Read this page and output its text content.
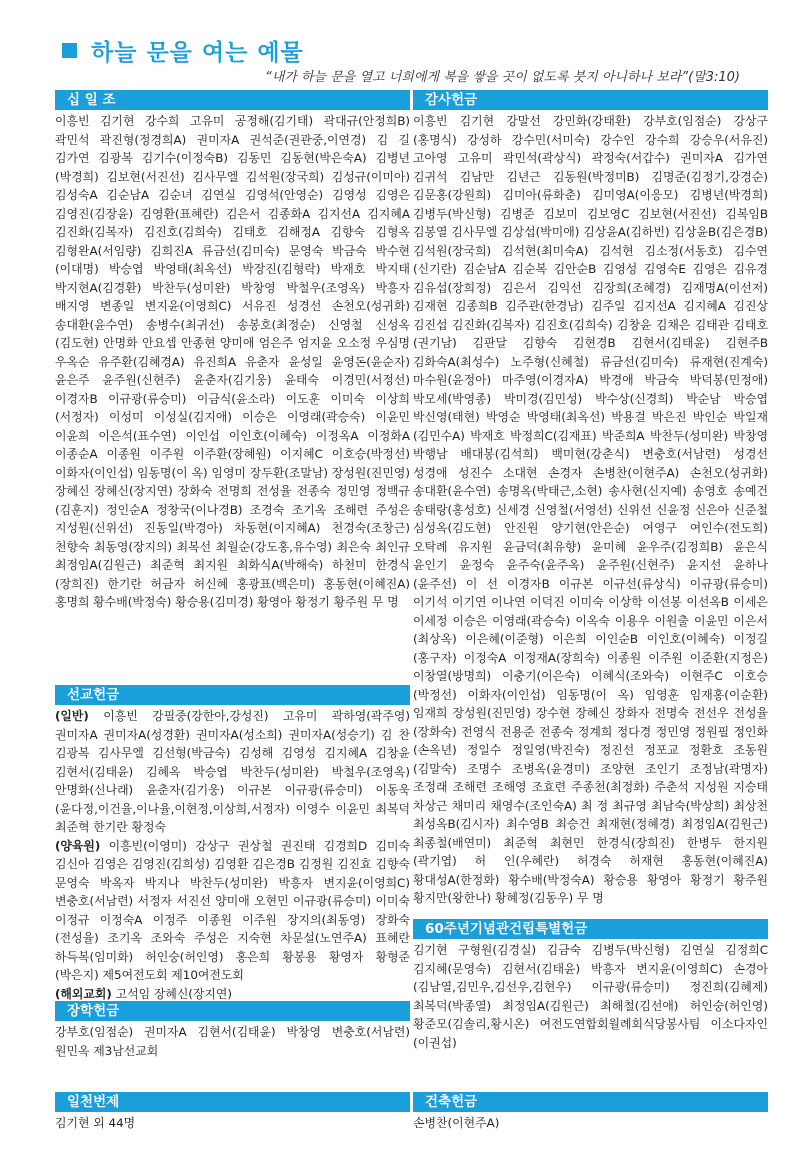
하늘 문을 여는 예물
“내가 하늘 문을 열고 너희에게 복을 쌓을 곳이 없도록 붓지 아니하나 보라”(말3:10)
십 일 조
이흥빈 김기현 강수희 고유미 공정해(김기태) 곽대규(안정희B) 곽민석 곽진형(정경희A) 권미자A 권석준(권관중,이연경) 김 길 김가연 김광복 김기수(이정숙B) 김동민 김동현(박은숙A) 김병년(박경희) 김보현(서진선) 김사무엘 김석원(장국희) 김성규(이미아) 김성숙A 김순남A 김순녀 김연실 김영석(안영순) 김영성 김영은 김영진(김장윤) 김영환(표혜란) 김은서 김종화A 김지선A 김지혜A 김진화(김복자) 김진호(김희숙) 김태호 김해정A 김향숙 김형옥 김형완A(서임량) 김희진A 류금선(김미숙) 문영숙 박금숙 박수현(이대명) 박승엽 박영태(최옥선) 박장진(김형락) 박재호 박지태 박지현A(김경환) 박찬두(성미완) 박창영 박철우(조영옥) 박흥자 배지영 변종일 변지윤(이영희C) 서유진 성경선 손천오(성귀화) 송대환(윤수연) 송병수(최귀선) 송봉호(최정순) 신영철 신성옥(김도현) 안명화 안요셉 안종현 양미애 엄은주 엄지윤 오소정 우심명 우옥순 유주환(김혜경A) 유진희A 유춘자 윤성일 윤영돈(윤순자) 윤은주 윤주원(신현주) 윤춘자(김기웅) 윤태숙 이경민(서정선) 이경자B 이규광(류승미) 이금식(윤소라) 이도훈 이미숙 이상희(서정자) 이성미 이성실(김지애) 이승은 이영래(곽승숙) 이윤민 이윤희 이은석(표수연) 이인섭 이인호(이혜숙) 이정옥A 이정화A 이종순A 이종원 이주원 이주환(장혜원) 이지혜C 이호승(박정선) 이화자(이인섭) 임동명(이 옥) 임영미 장두환(조말남) 장성원(진민영) 장혜신 장혜신(장지연) 장화숙 전명희 전성율 전종숙 정민영 정백규(김훈지) 정인순A 정창국(이나경B) 조경숙 조기옥 조해련 주성은 지성원(신위선) 진동일(박경아) 차동현(이지혜A) 천경숙(조창근) 천향숙 최동영(장지의) 최복선 최월순(강도홍,유수영) 최은숙 최인규 최정임A(김원근) 최준혁 최지원 최화식A(박해숙) 하천미 한경식(장희진) 한기란 허금자 허신혜 홍광표(백은미) 홍동현(이혜진A) 홍명희 황수배(박정숙) 황승용(김미경) 황영아 황정기 황주원 무 명
선교헌금

(일반) 이흥빈 강필중(강한아,강성진) 고유미 곽하영(곽주영) 권미자A 권미자A(성경환) 권미자A(성소희) 권미자A(성승기) 김 찬 김광복 김사무엘 김선형(박금숙) 김성해 김영성 김지혜A 김창윤 김현서(김태윤) 김혜옥 박승엽 박찬두(성미완) 박철우(조영옥) 안명화(신나래) 윤춘자(김기웅) 이규본 이규광(류승미) 이동욱(윤다정,이건율,이나율,이현정,이상희,서정자) 이영수 이윤민 최복덕 최준혁 한기란 황정숙

(양육원) 이흥빈(이영미) 강상구 권상철 권진태 김경희D 김미숙 김신아 김영은 김영진(김희성) 김영환 김은경B 김정원 김진효 김향숙 문영숙 박옥자 박지나 박찬두(성미완) 박흥자 변지윤(이영희C) 변충호(서남련) 서정자 서진선 양미애 오현민 이규광(류승미) 이미숙 이정규 이정숙A 이정주 이종원 이주원 장지의(최동영) 장화숙(전성율) 조기옥 조와숙 주성은 지숙현 차문설(노연주A) 표혜란 하득복(임미화) 허인숭(허인영) 홍은희 황봉용 황영자 황형준(박은지) 제5여전도회 제10여전도회

(해외교회) 고석임 장혜신(장지연)

장학헌금
강부호(임점순) 권미자A 김현서(김태윤) 박창영 변충호(서남련) 원민옥 제3남선교회
일천번제
김기현 외 44명
감사헌금
이흥빈 김기현 강말선 강민화(강태환) 강부호(임점순) 강상구(홍명식) 강성하 강수민(서미숙) 강수인 강수희 강승우(서유진) 고아영 고유미 곽민석(곽상식) 곽정숙(서갑수) 권미자A 김가연 김귀석 김남만 김년근 김동원(박정미B) 김명준(김정기,강경순) 김문홍(강원희) 김미아(류화춘) 김미영A(이응모) 김병년(박경희) 김병두(박신형) 김병준 김보미 김보영C 김보현(서진선) 김복임B 김봉열 김사무엘 김상섭(박미애) 김상윤A(김하빈) 김상윤B(김은경B) 김석원(장국희) 김석현(최미숙A) 김석현 김소정(서동호) 김수연(신기란) 김순남A 김순복 김안순B 김영성 김영숙E 김영은 김유경 김유섭(장희정) 김은서 김익선 김장희(조혜경) 김재명A(이선저) 김재현 김종희B 김주관(한경남) 김주일 김지선A 김지혜A 김진상 김진섭 김진화(김복자) 김진호(김희숙) 김창윤 김채은 김태관 김태호(권기남) 김판달 김향숙 김현경B 김현서(김태윤) 김현주B 김화숙A(최성수) 노주형(신혜철) 류금선(김미숙) 류재현(진계숙) 마수원(윤정아) 마주영(이경자A) 박경애 박금숙 박덕봉(민정애) 박모세(박영종) 박미경(김민성) 박수상(신경희) 박순남 박승엽 박신영(태현) 박영순 박영태(최옥선) 박용걸 박은진 박인순 박일재(김민수A) 박재호 박정희C(김재표) 박준희A 박찬두(성미완) 박창영 박행남 배대봉(김석희) 백미현(강춘식) 변충호(서남련) 성경선 성경애 성진수 소대현 손경자 손병찬(이현주A) 손천오(성귀화) 송대환(윤수연) 송명옥(박태근,소현) 송사현(신지예) 송영호 송예건 송태랑(홍성호) 신세경 신영철(서영선) 신위선 신윤정 신은아 신준철 심성옥(김도현) 안진원 양기현(안은순) 여영구 여인수(전도희) 오탁례 유지원 윤금덕(최유향) 윤미혜 윤우주(김정희B) 윤은식 윤인기 윤정숙 윤주숙(윤주옥) 윤주원(신현주) 윤지선 윤하나(윤주선) 이 선 이경자B 이규본 이규선(류상식) 이규광(류승미) 이기석 이기연 이나연 이덕진 이미숙 이상학 이선봉 이선옥B 이세은 이세정 이승은 이영래(곽승숙) 이옥숙 이용우 이원출 이윤민 이은서(최상옥) 이은혜(이준형) 이은희 이인순B 이인호(이혜숙) 이정길(홍구자) 이정숙A 이정재A(장희숙) 이종원 이주원 이준환(지정은) 이창열(방명희) 이충기(이은숙) 이혜식(조와숙) 이현주C 이호승(박정선) 이화자(이인섭) 임동명(이 옥) 임영훈 임재홍(이순환) 임재희 장성원(진민영) 장수현 장혜신 장화자 전명숙 전선우 전성율(장화숙) 전영식 전용준 전종숙 정계희 정다경 정민영 정원필 정인화(손옥년) 정일수 정일영(박진숙) 정진선 정포교 정환호 조동원(김말숙) 조명수 조병옥(윤경미) 조양현 조인기 조정남(곽명자) 조정래 조해련 조해영 조효련 주종천(최정화) 주춘석 지성원 지승태 차상근 채미리 채영수(조인숙A) 최 정 최규영 최남숙(박상희) 최상천 최성옥B(김시자) 최수영B 최승건 최재현(정혜경) 최정임A(김원근) 최종철(배연미) 최준혁 최현민 한경식(장희진) 한병두 한지원(곽기엽) 허 인(우혜란) 허경숙 허재현 홍동현(이혜진A) 황대성A(한정화) 황수배(박정숙A) 황승용 황영아 황정기 황주원 황지만(왕한나) 황혜정(김동우) 무 명
60주년기념관건립특별헌금
김기현 구형원(김경실) 김금숙 김병두(박신형) 김연실 김정희C 김지혜(문영숙) 김현서(김태윤) 박흥자 변지윤(이영희C) 손경아(김남열,김민우,김선우,김현우) 이규광(류승미) 정진희(김혜제) 최복덕(박종열) 최정임A(김원근) 최해철(김선애) 허인숭(허인영) 황준모(김솔리,황시온) 여전도연합회월례회식당봉사팀 이소다자인(이권섭)
건축헌금
손병찬(이현주A)
